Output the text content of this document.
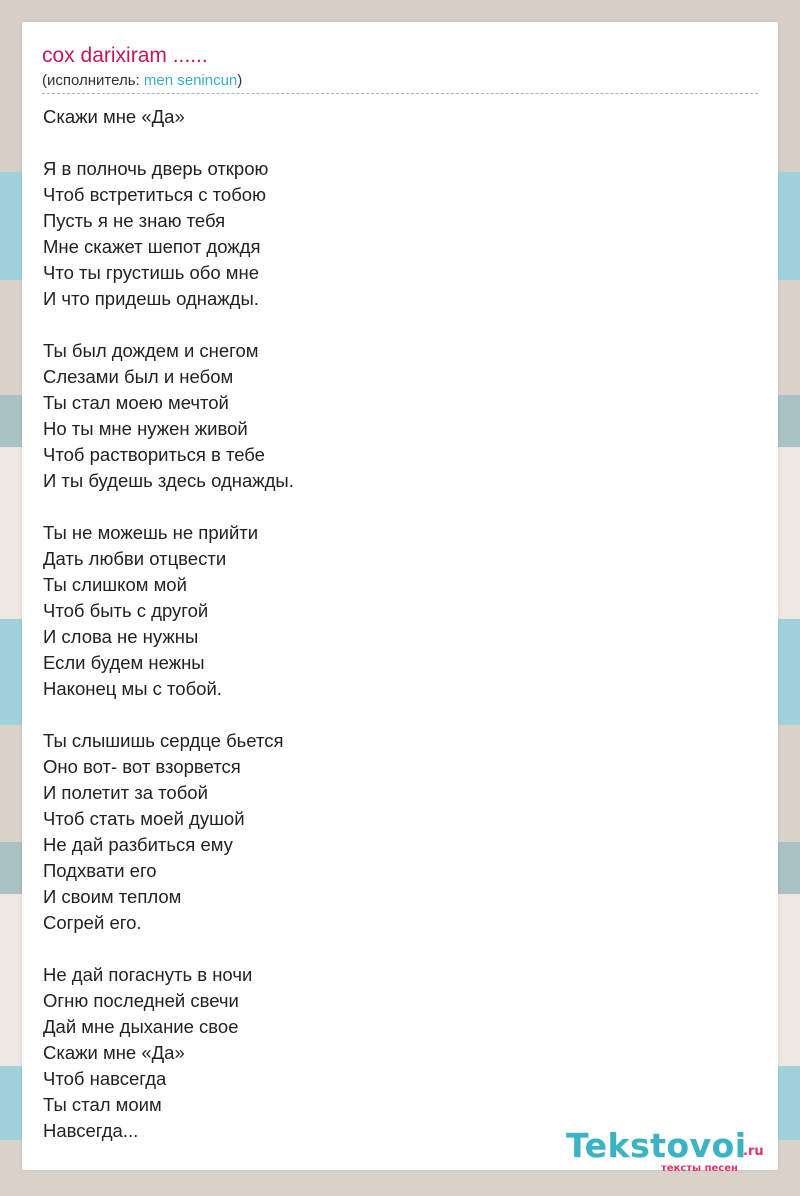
cox darixiram ......
(исполнитель: men senincun)
Скажи мне «Да»
Я в полночь дверь открою
Чтоб встретиться с тобою
Пусть я не знаю тебя
Мне скажет шепот дождя
Что ты грустишь обо мне
И что придешь однажды.
Ты был дождем и снегом
Слезами был и небом
Ты стал моею мечтой
Но ты мне нужен живой
Чтоб раствориться в тебе
И ты будешь здесь однажды.
Ты не можешь не прийти
Дать любви отцвести
Ты слишком мой
Чтоб быть с другой
И слова не нужны
Если будем нежны
Наконец мы с тобой.
Ты слышишь сердце бьется
Оно вот- вот взорвется
И полетит за тобой
Чтоб стать моей душой
Не дай разбиться ему
Подхвати его
И своим теплом
Согрей его.
Не дай погаснуть в ночи
Огню последней свечи
Дай мне дыхание свое
Скажи мне «Да»
Чтоб навсегда
Ты стал моим
Навсегда...	Tekstovoi
.ru
тексты песен
